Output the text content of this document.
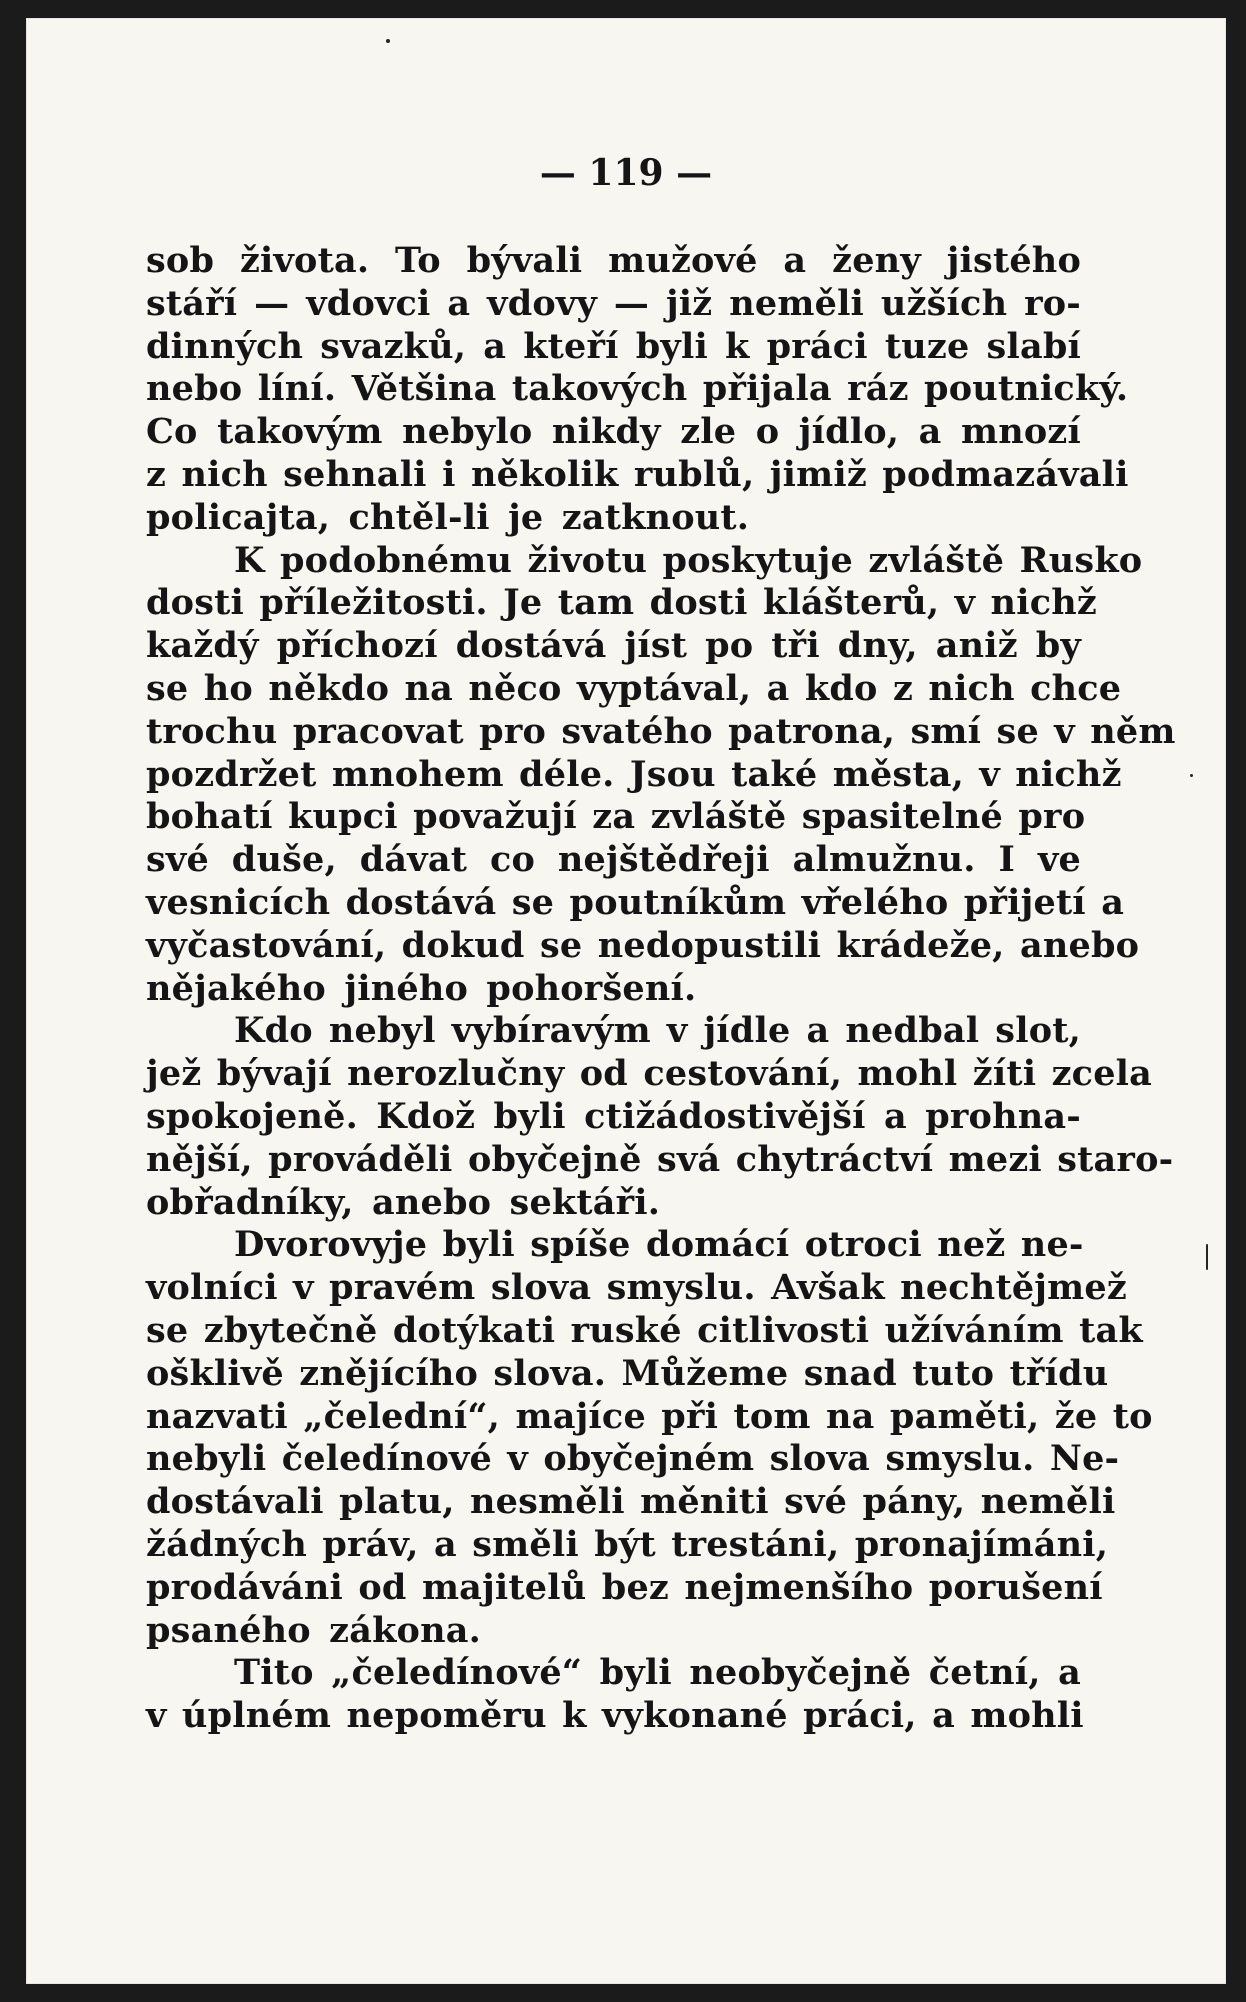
— 119 —
sob života. To bývali mužové a ženy jistého
stáří — vdovci a vdovy — již neměli užších ro-
dinných svazků, a kteří byli k práci tuze slabí
nebo líní. Většina takových přijala ráz poutnický.
Co takovým nebylo nikdy zle o jídlo, a mnozí
z nich sehnali i několik rublů, jimiž podmazávali
policajta, chtěl-li je zatknout.
K podobnému životu poskytuje zvláště Rusko
dosti příležitosti. Je tam dosti klášterů, v nichž
každý příchozí dostává jíst po tři dny, aniž by
se ho někdo na něco vyptával, a kdo z nich chce
trochu pracovat pro svatého patrona, smí se v něm
pozdržet mnohem déle. Jsou také města, v nichž
bohatí kupci považují za zvláště spasitelné pro
své duše, dávat co nejštědřeji almužnu. I ve
vesnicích dostává se poutníkům vřelého přijetí a
vyčastování, dokud se nedopustili krádeže, anebo
nějakého jiného pohoršení.
Kdo nebyl vybíravým v jídle a nedbal slot,
jež bývají nerozlučny od cestování, mohl žíti zcela
spokojeně. Kdož byli ctižádostivější a prohna-
nější, prováděli obyčejně svá chytráctví mezi staro-
obřadníky, anebo sektáři.
Dvorovyje byli spíše domácí otroci než ne-
volníci v pravém slova smyslu. Avšak nechtějmež
se zbytečně dotýkati ruské citlivosti užíváním tak
ošklivě znějícího slova. Můžeme snad tuto třídu
nazvati „čelední“, majíce při tom na paměti, že to
nebyli čeledínové v obyčejném slova smyslu. Ne-
dostávali platu, nesměli měniti své pány, neměli
žádných práv, a směli být trestáni, pronajímáni,
prodáváni od majitelů bez nejmenšího porušení
psaného zákona.
Tito „čeledínové“ byli neobyčejně četní, a
v úplném nepoměru k vykonané práci, a mohli
